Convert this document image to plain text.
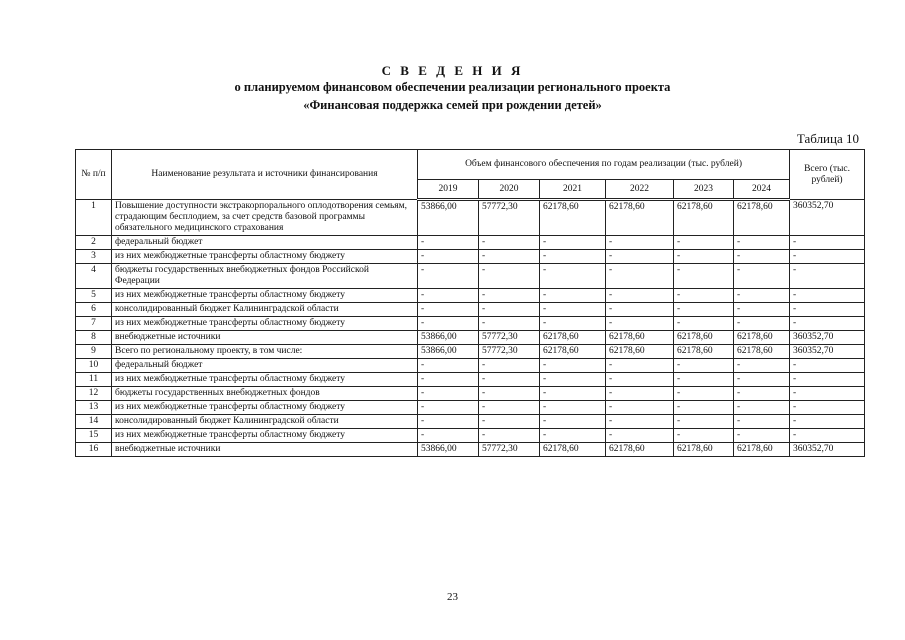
С В Е Д Е Н И Я
о планируемом финансовом обеспечении реализации регионального проекта
«Финансовая поддержка семей при рождении детей»
Таблица 10
№ п/п	Наименование результата и источники финансирования	Объем финансового обеспечения по годам реализации (тыс. рублей)						Всего (тыс. рублей)
		2019	2020	2021	2022	2023	2024	
1	Повышение доступности экстракорпорального оплодотворения семьям, страдающим бесплодием, за счет средств базовой программы обязательного медицинского страхования	53866,00	57772,30	62178,60	62178,60	62178,60	62178,60	360352,70
2	федеральный бюджет	-	-	-	-	-	-	-
3	из них межбюджетные трансферты областному бюджету	-	-	-	-	-	-	-
4	бюджеты государственных внебюджетных фондов Российской Федерации	-	-	-	-	-	-	-
5	из них межбюджетные трансферты областному бюджету	-	-	-	-	-	-	-
6	консолидированный бюджет Калининградской области	-	-	-	-	-	-	-
7	из них межбюджетные трансферты областному бюджету	-	-	-	-	-	-	-
8	внебюджетные источники	53866,00	57772,30	62178,60	62178,60	62178,60	62178,60	360352,70
9	Всего по региональному проекту, в том числе:	53866,00	57772,30	62178,60	62178,60	62178,60	62178,60	360352,70
10	федеральный бюджет	-	-	-	-	-	-	-
11	из них межбюджетные трансферты областному бюджету	-	-	-	-	-	-	-
12	бюджеты государственных внебюджетных фондов	-	-	-	-	-	-	-
13	из них межбюджетные трансферты областному бюджету	-	-	-	-	-	-	-
14	консолидированный бюджет Калининградской области	-	-	-	-	-	-	-
15	из них межбюджетные трансферты областному бюджету	-	-	-	-	-	-	-
16	внебюджетные источники	53866,00	57772,30	62178,60	62178,60	62178,60	62178,60	360352,70
23
